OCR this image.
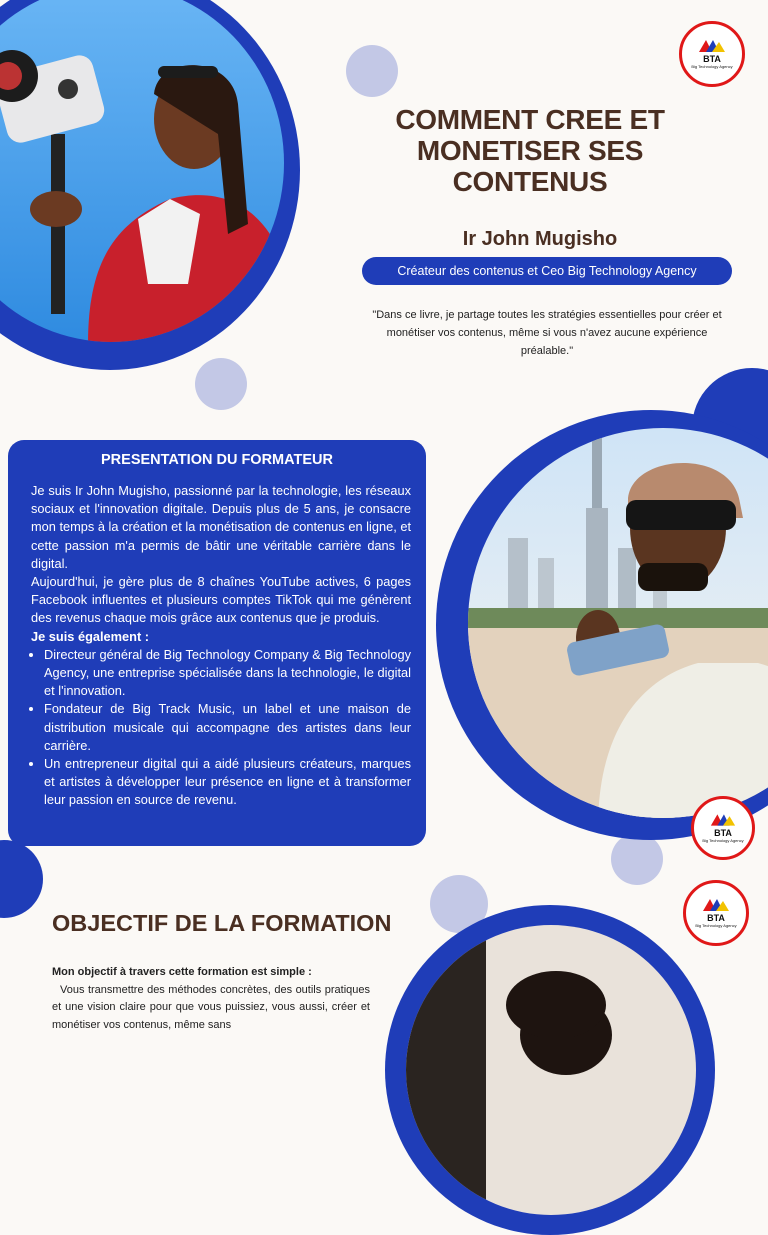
BTA
Big Technology Agency
COMMENT CREE ET MONETISER SES CONTENUS
Ir John Mugisho
Créateur des contenus et Ceo Big Technology Agency
"Dans ce livre, je partage toutes les stratégies essentielles pour créer et monétiser vos contenus, même si vous n'avez aucune expérience préalable."
PRESENTATION DU FORMATEUR
Je suis Ir John Mugisho, passionné par la technologie, les réseaux sociaux et l'innovation digitale. Depuis plus de 5 ans, je consacre mon temps à la création et la monétisation de contenus en ligne, et cette passion m'a permis de bâtir une véritable carrière dans le digital.
Aujourd'hui, je gère plus de 8 chaînes YouTube actives, 6 pages Facebook influentes et plusieurs comptes TikTok qui me génèrent des revenus chaque mois grâce aux contenus que je produis.
Je suis également :
• Directeur général de Big Technology Company & Big Technology Agency, une entreprise spécialisée dans la technologie, le digital et l'innovation.
• Fondateur de Big Track Music, un label et une maison de distribution musicale qui accompagne des artistes dans leur carrière.
• Un entrepreneur digital qui a aidé plusieurs créateurs, marques et artistes à développer leur présence en ligne et à transformer leur passion en source de revenu.
BTA
Big Technology Agency
BTA
Big Technology Agency
OBJECTIF DE LA FORMATION
Mon objectif à travers cette formation est simple :
Vous transmettre des méthodes concrètes, des outils pratiques et une vision claire pour que vous puissiez, vous aussi, créer et monétiser vos contenus, même sans
